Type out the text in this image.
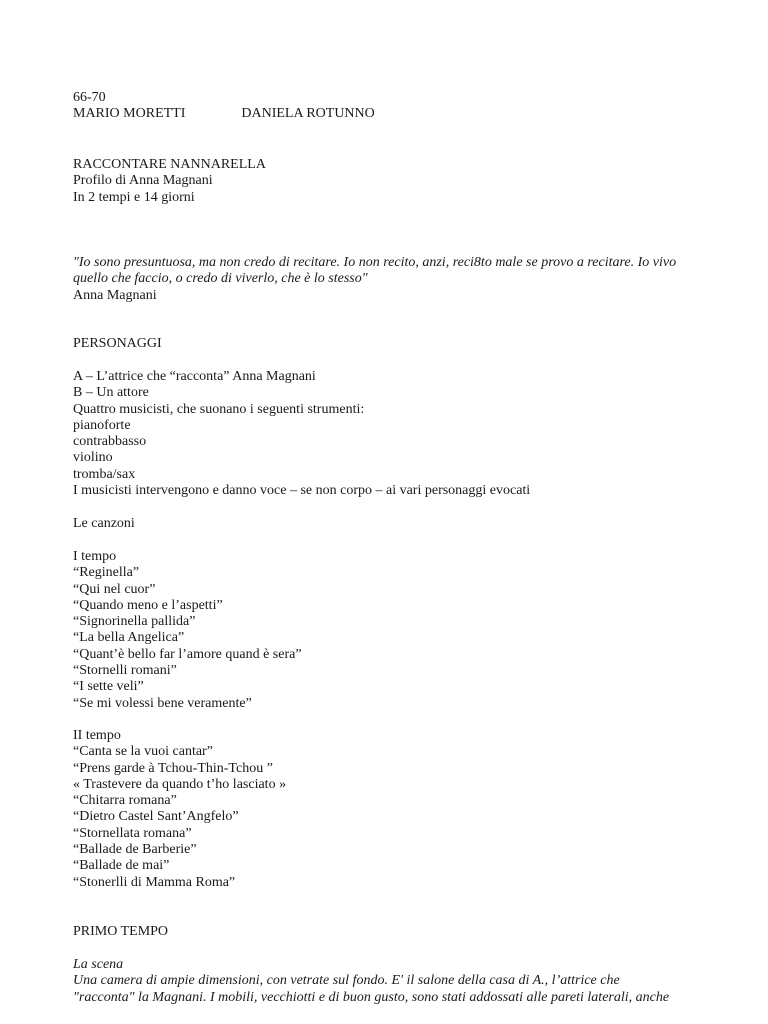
66-70
MARIO MORETTI	DANIELA ROTUNNO
RACCONTARE NANNARELLA
Profilo di Anna Magnani
In 2 tempi e 14 giorni
"Io sono presuntuosa, ma non credo di recitare. Io non recito, anzi, reci8to male se provo a recitare. Io vivo
quello che faccio, o credo di viverlo, che è lo stesso"
Anna Magnani
PERSONAGGI
A – L’attrice che “racconta” Anna Magnani
B – Un attore
Quattro musicisti, che suonano i seguenti strumenti:
pianoforte
contrabbasso
violino
tromba/sax
I musicisti intervengono e danno voce – se non corpo – ai vari personaggi evocati
Le canzoni
I tempo
“Reginella”
“Qui nel cuor”
“Quando meno e l’aspetti”
“Signorinella pallida”
“La bella Angelica”
“Quant’è bello far l’amore quand è sera”
“Stornelli romani”
“I sette veli”
“Se mi volessi bene veramente”
II tempo
“Canta se la vuoi cantar”
“Prens garde à Tchou-Thin-Tchou ”
« Trastevere da quando t’ho lasciato »
“Chitarra romana”
“Dietro Castel Sant’Angfelo”
“Stornellata romana”
“Ballade de Barberie”
“Ballade de mai”
“Stonerlli di Mamma Roma”
PRIMO TEMPO
La scena
Una camera di ampie dimensioni, con vetrate sul fondo. E' il salone della casa di A., l’attrice che
"racconta" la Magnani. I mobili, vecchiotti e di buon gusto, sono stati addossati alle pareti laterali, anche
